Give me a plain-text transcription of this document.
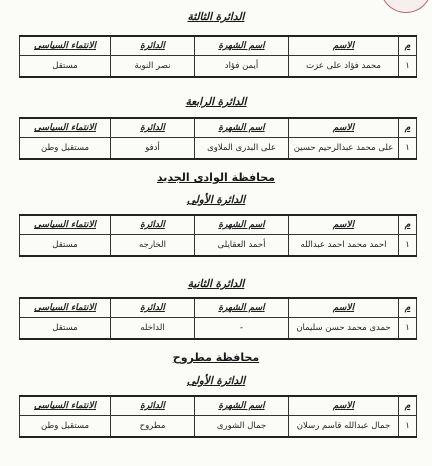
الدائرة الثالثة
م	الاسم	اسم الشهرة	الدائرة	الانتماء السياسى
١	محمد فؤاد على عزت	أيمن فؤاد	نصر النوبة	مستقل
الدائرة الرابعة
م	الاسم	اسم الشهرة	الدائرة	الانتماء السياسى
١	على محمد عبدالرحيم حسين	على البدرى الملاوى	أدفو	مستقبل وطن
محافظة الوادى الجديد
الدائرة الأولى
م	الاسم	اسم الشهرة	الدائرة	الانتماء السياسى
١	احمد محمد احمد عبدالله	أحمد العقايلى	الخارجه	مستقل
الدائرة الثانية
م	الاسم	اسم الشهرة	الدائرة	الانتماء السياسى
١	حمدى محمد حسن سليمان	-	الداخله	مستقل
محافظة مطروح
الدائرة الأولى
م	الاسم	اسم الشهرة	الدائرة	الانتماء السياسى
١	جمال عبدالله قاسم رسلان	جمال الشورى	مطروح	مستقبل وطن
